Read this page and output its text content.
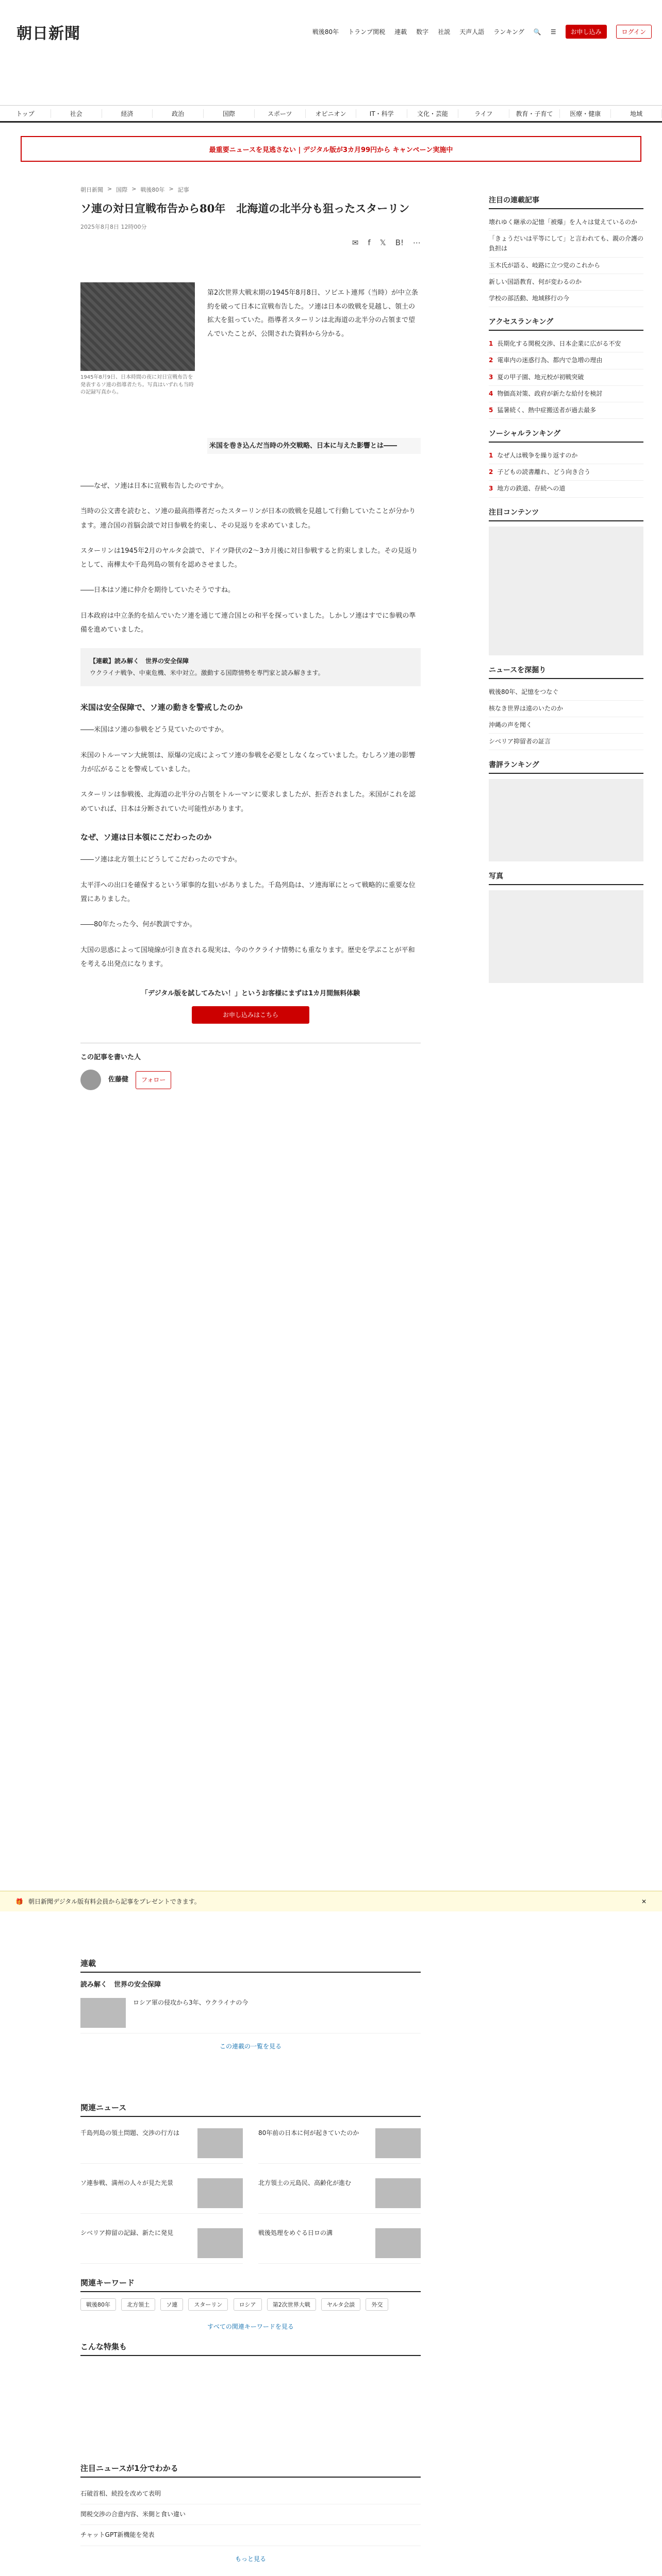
朝日新聞	戦後80年 トランプ関税 連載 数字 社説 天声人語 ランキング 🔍 ☰	お申し込み	ログイン
トップ	社会	経済	政治	国際	スポーツ	オピニオン	IT・科学	文化・芸能	ライフ	教育・子育て	医療・健康	地域
最重要ニュースを見逃さない | デジタル版が3カ月99円から キャンペーン実施中
朝日新聞 > 国際 > 戦後80年 > 記事
ソ連の対日宣戦布告から80年　北海道の北半分も狙ったスターリン
2025年8月8日 12時00分
✉ f 𝕏 B! ⋯
1945年8月9日、日本時間の夜に対日宣戦布告を発表するソ連の指導者たち。写真はいずれも当時の記録写真から。
第2次世界大戦末期の1945年8月8日、ソビエト連邦（当時）が中立条約を破って日本に宣戦布告した。ソ連は日本の敗戦を見越し、領土の拡大を狙っていた。指導者スターリンは北海道の北半分の占領まで望んでいたことが、公開された資料から分かる。
米国を巻き込んだ当時の外交戦略、日本に与えた影響とは――

――なぜ、ソ連は日本に宣戦布告したのですか。

当時の公文書を読むと、ソ連の最高指導者だったスターリンが日本の敗戦を見越して行動していたことが分かります。連合国の首脳会談で対日参戦を約束し、その見返りを求めていました。

スターリンは1945年2月のヤルタ会談で、ドイツ降伏の2〜3カ月後に対日参戦すると約束しました。その見返りとして、南樺太や千島列島の領有を認めさせました。

――日本はソ連に仲介を期待していたそうですね。

日本政府は中立条約を結んでいたソ連を通じて連合国との和平を探っていました。しかしソ連はすでに参戦の準備を進めていました。

【連載】読み解く　世界の安全保障
ウクライナ戦争、中東危機、米中対立。激動する国際情勢を専門家と読み解きます。
米国は安全保障で、ソ連の動きを警戒したのか

――米国はソ連の参戦をどう見ていたのですか。

米国のトルーマン大統領は、原爆の完成によってソ連の参戦を必要としなくなっていました。むしろソ連の影響力が広がることを警戒していました。

スターリンは参戦後、北海道の北半分の占領をトルーマンに要求しましたが、拒否されました。米国がこれを認めていれば、日本は分断されていた可能性があります。

なぜ、ソ連は日本領にこだわったのか

――ソ連は北方領土にどうしてこだわったのですか。

太平洋への出口を確保するという軍事的な狙いがありました。千島列島は、ソ連海軍にとって戦略的に重要な位置にありました。

――80年たった今、何が教訓ですか。

大国の思惑によって国境線が引き直される現実は、今のウクライナ情勢にも重なります。歴史を学ぶことが平和を考える出発点になります。

「デジタル版を試してみたい！」というお客様にまずは1カ月間無料体験
お申し込みはこちら
この記事を書いた人
佐藤健	フォロー
注目の連載記事
壊れゆく継承の記憶「被爆」を人々は覚えているのか
「きょうだいは平等にして」と言われても、親の介護の負担は
玉木氏が語る、岐路に立つ党のこれから
新しい国語教育、何が変わるのか
学校の部活動、地域移行の今
アクセスランキング
1 長期化する関税交渉、日本企業に広がる不安
2 電車内の迷惑行為、都内で急増の理由
3 夏の甲子園、地元校が初戦突破
4 物価高対策、政府が新たな給付を検討
5 猛暑続く、熱中症搬送者が過去最多
ソーシャルランキング
1 なぜ人は戦争を繰り返すのか
2 子どもの読書離れ、どう向き合う
3 地方の鉄道、存続への道
注目コンテンツ
ニュースを深掘り
戦後80年、記憶をつなぐ
核なき世界は遠のいたのか
沖縄の声を聞く
シベリア抑留者の証言
書評ランキング
写真
🎁 朝日新聞デジタル版有料会員から記事をプレゼントできます。	✕
連載
読み解く　世界の安全保障
ロシア軍の侵攻から3年、ウクライナの今
この連載の一覧を見る
関連ニュース
千島列島の領土問題、交渉の行方は	80年前の日本に何が起きていたのか
ソ連参戦、満州の人々が見た光景	北方領土の元島民、高齢化が進む
シベリア抑留の記録、新たに発見	戦後処理をめぐる日ロの溝
関連キーワード
戦後80年	北方領土	ソ連	スターリン	ロシア	第2次世界大戦	ヤルタ会談	外交
すべての関連キーワードを見る
こんな特集も
注目ニュースが1分でわかる
石破首相、続投を改めて表明
関税交渉の合意内容、米側と食い違い
チャットGPT新機能を発表
もっと見る
